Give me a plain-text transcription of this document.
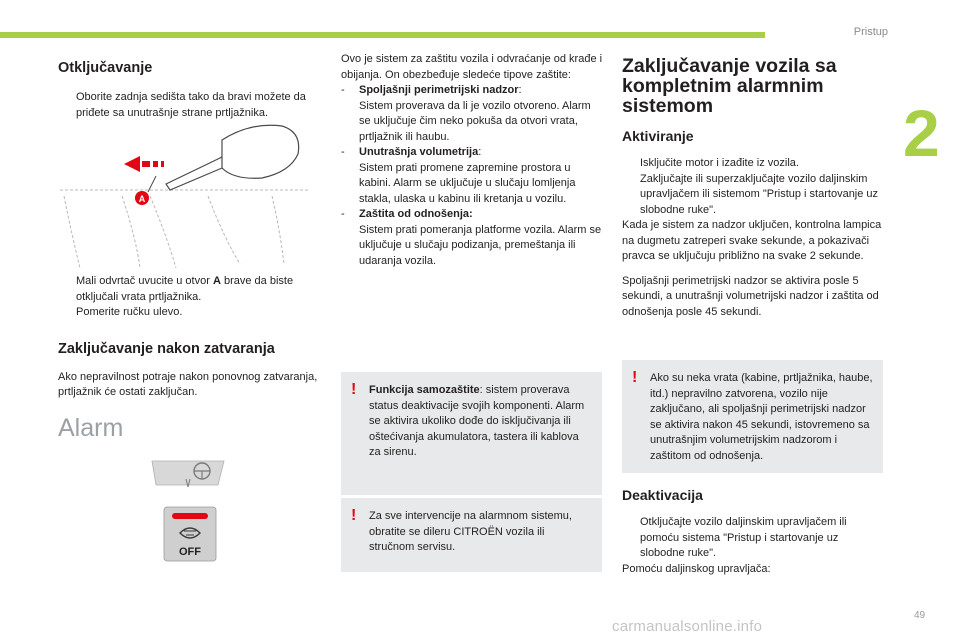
Pristup
2
Otključavanje
Oborite zadnja sedišta tako da bravi možete da priđete sa unutrašnje strane prtljažnika.
A
Mali odvrtač uvucite u otvor A brave da biste otključali vrata prtljažnika.
Pomerite ručku ulevo.
Zaključavanje nakon zatvaranja
Ako nepravilnost potraje nakon ponovnog zatvaranja, prtljažnik će ostati zaključan.
Alarm
OFF
Ovo je sistem za zaštitu vozila i odvraćanje od krađe i obijanja. On obezbeđuje sledeće tipove zaštite:
- Spoljašnji perimetrijski nadzor:
Sistem proverava da li je vozilo otvoreno. Alarm se uključuje čim neko pokuša da otvori vrata, prtljažnik ili haubu.
- Unutrašnja volumetrija:
Sistem prati promene zapremine prostora u kabini. Alarm se uključuje u slučaju lomljenja stakla, ulaska u kabinu ili kretanja u vozilu.
- Zaštita od odnošenja:
Sistem prati pomeranja platforme vozila. Alarm se uključuje u slučaju podizanja, premeštanja ili udaranja vozila.
! Funkcija samozaštite: sistem proverava status deaktivacije svojih komponenti. Alarm se aktivira ukoliko dođe do isključivanja ili oštećivanja akumulatora, tastera ili kablova za sirenu.
! Za sve intervencije na alarmnom sistemu, obratite se dileru CITROËN vozila ili stručnom servisu.
Zaključavanje vozila sa kompletnim alarmnim sistemom
Aktiviranje
Isključite motor i izađite iz vozila.
Zaključajte ili superzaključajte vozilo daljinskim upravljačem ili sistemom "Pristup i startovanje uz slobodne ruke".
Kada je sistem za nadzor uključen, kontrolna lampica na dugmetu zatreperi svake sekunde, a pokazivači pravca se uključuju približno na svake 2 sekunde.
Spoljašnji perimetrijski nadzor se aktivira posle 5 sekundi, a unutrašnji volumetrijski nadzor i zaštita od odnošenja posle 45 sekundi.
! Ako su neka vrata (kabine, prtljažnika, haube, itd.) nepravilno zatvorena, vozilo nije zaključano, ali spoljašnji perimetrijski nadzor se aktivira nakon 45 sekundi, istovremeno sa unutrašnjim volumetrijskim nadzorom i zaštitom od odnošenja.
Deaktivacija
Otključajte vozilo daljinskim upravljačem ili pomoću sistema "Pristup i startovanje uz slobodne ruke".
Pomoću daljinskog upravljača:
carmanualsonline.info
49
